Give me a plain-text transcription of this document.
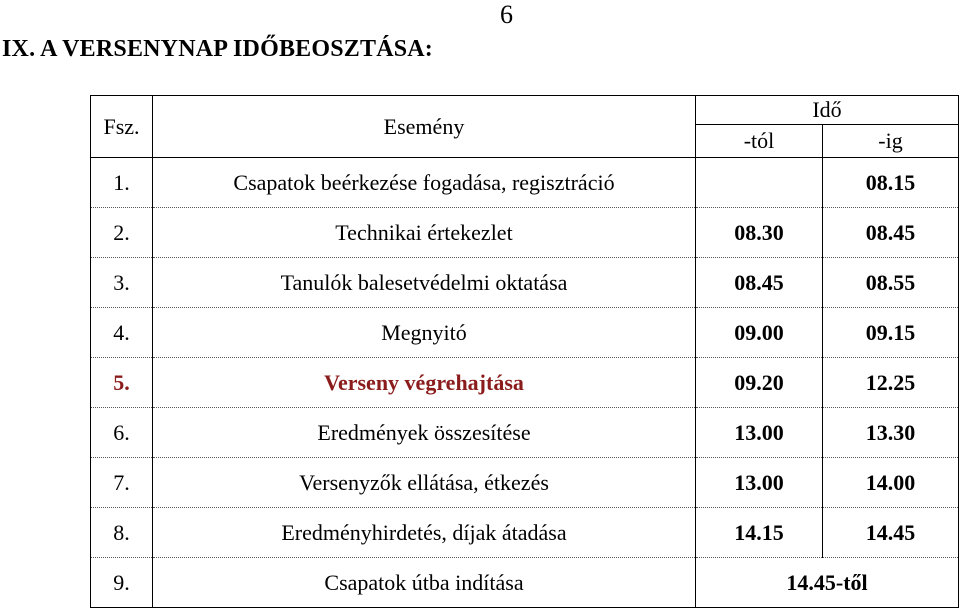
6
IX. A VERSENYNAP IDŐBEOSZTÁSA:
Fsz.	Esemény	Idő	
		-tól	-ig
1.	Csapatok beérkezése fogadása, regisztráció		08.15
2.	Technikai értekezlet	08.30	08.45
3.	Tanulók balesetvédelmi oktatása	08.45	08.55
4.	Megnyitó	09.00	09.15
5.	Verseny végrehajtása	09.20	12.25
6.	Eredmények összesítése	13.00	13.30
7.	Versenyzők ellátása, étkezés	13.00	14.00
8.	Eredményhirdetés, díjak átadása	14.15	14.45
9.	Csapatok útba indítása	14.45-től	
